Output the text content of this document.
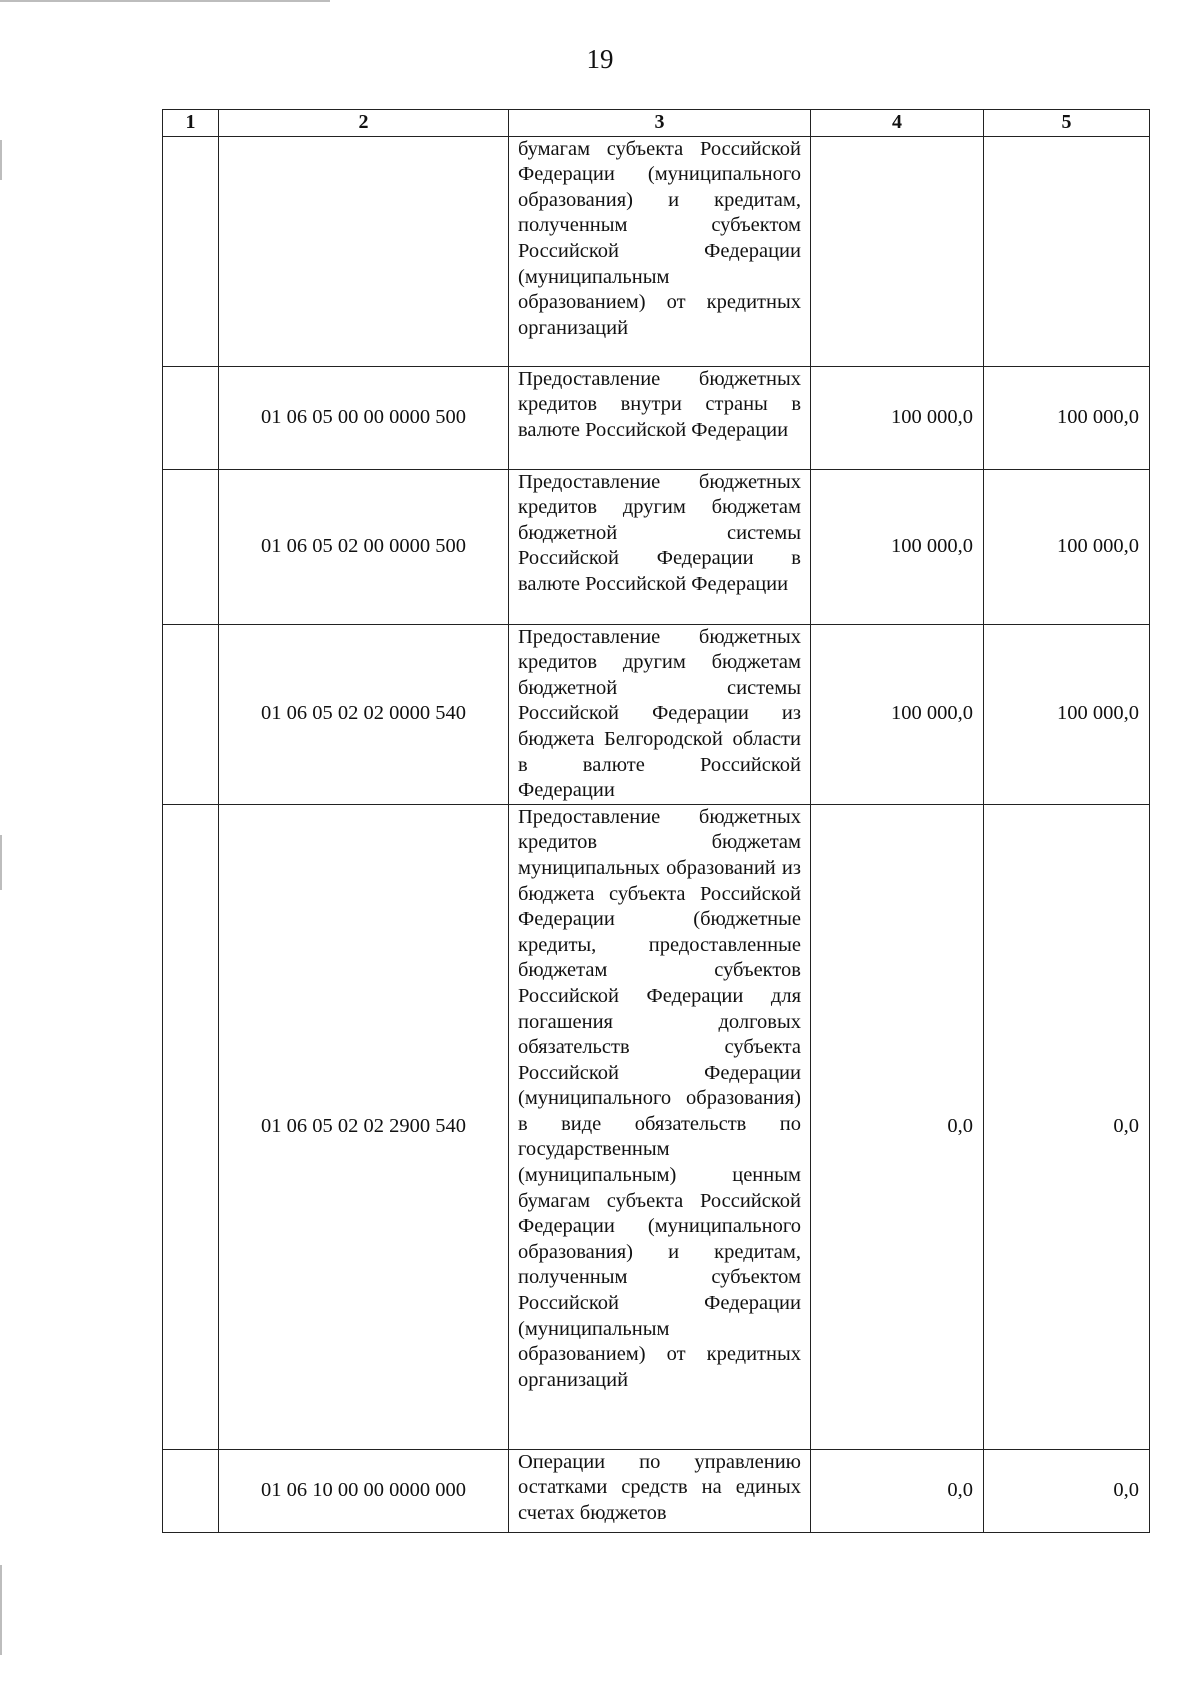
19
1	2	3	4	5

		бумагам субъекта Российской Федерации (муниципального образования) и кредитам, полученным субъектом Российской Федерации (муниципальным образованием) от кредитных организаций		

	01 06 05 00 00 0000 500	Предоставление бюджетных кредитов внутри страны в валюте Российской Федерации	100 000,0	100 000,0
	01 06 05 02 00 0000 500	Предоставление бюджетных кредитов другим бюджетам бюджетной системы Российской Федерации в валюте Российской Федерации	100 000,0	100 000,0
	01 06 05 02 02 0000 540	Предоставление бюджетных кредитов другим бюджетам бюджетной системы Российской Федерации из бюджета Белгородской области в валюте Российской Федерации	100 000,0	100 000,0
	01 06 05 02 02 2900 540	Предоставление бюджетных кредитов бюджетам муниципальных образований из бюджета субъекта Российской Федерации (бюджетные кредиты, предоставленные бюджетам субъектов Российской Федерации для погашения долговых обязательств субъекта Российской Федерации (муниципального образования) в виде обязательств по государственным (муниципальным) ценным бумагам субъекта Российской Федерации (муниципального образования) и кредитам, полученным субъектом Российской Федерации (муниципальным образованием) от кредитных организаций	0,0	0,0
	01 06 10 00 00 0000 000	Операции по управлению остатками средств на единых счетах бюджетов	0,0	0,0
